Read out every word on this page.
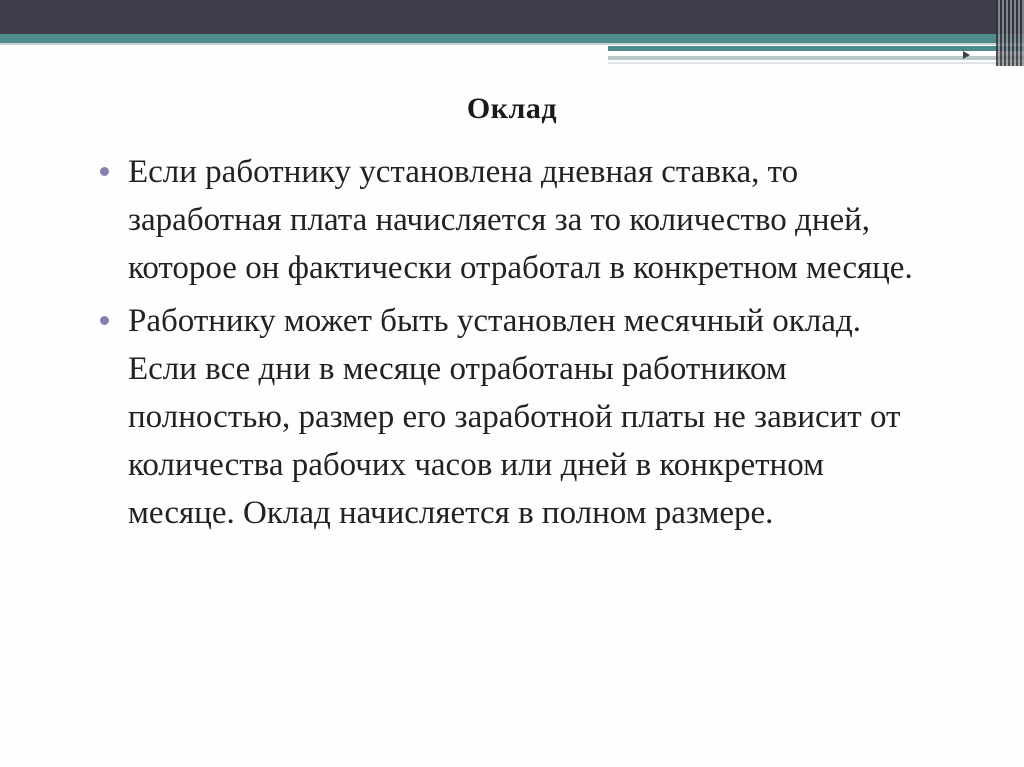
Оклад
Если работнику установлена дневная ставка, то заработная плата начисляется за то количество дней, которое он фактически отработал в конкретном месяце.
Работнику может быть установлен месячный оклад. Если все дни в месяце отработаны работником полностью, размер его заработной платы не зависит от количества рабочих часов или дней в конкретном месяце. Оклад начисляется в полном размере.
